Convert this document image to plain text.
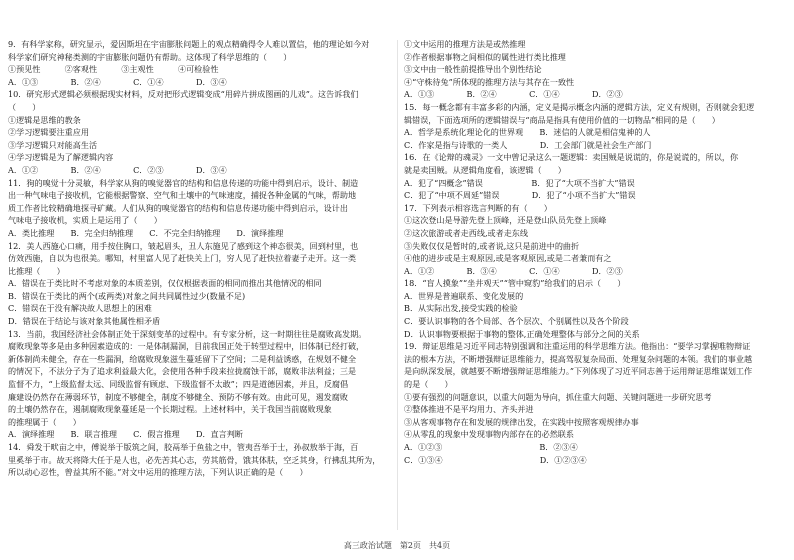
9．有科学家称，研究显示，爱因斯坦在宇宙膨胀问题上的观点精确得令人难以置信，他的理论如今对
科学家们研究神秘类测的宇宙膨胀问题仍有帮助。这体现了科学思维的（　　）
①预见性　　　②客观性　　　③主观性　　　④可检验性
A．①③　　　　B．②④　　　　C．①④　　　　D．③④
10．研究形式逻辑必须根据现实材料，反对把形式逻辑变成“用碎片拼成图画的儿戏”。这告诉我们
（　　）
①逻辑是思维的教条
②学习逻辑要注重应用
③学习逻辑只对能高生活
④学习逻辑是为了解逻辑内容
A．①②　　　　B．②④　　　　C．②③　　　　D．③④
11．狗的嗅觉十分灵敏，科学家从狗的嗅觉器官的结构和信息传递的功能中得到启示，设计、制造
出一种气味电子接收机，它能根据警察、空气和土壤中的气味速度，捕捉各种金属的气味，帮助地
质工作者比较精确地探寻矿藏。人们从狗的嗅觉器官的结构和信息传递功能中得到启示，设计出
气味电子接收机，实质上是运用了（　　）
A．类比推理　　B．完全归纳推理　　C．不完全归纳推理　　D．演绎推理
12．美人西施心口痛，用手按住胸口，皱起眉头，丑人东施见了感到这个神态很美，回到村里，也
仿效西施，自以为也很美。哪知，村里富人见了赶快关上门，穷人见了赶快拉着妻子走开。这一类
比推理（　　）
A．错误在于类比时不考虑对象的本质差别，仅仅根据表面的相同而推出其他情况的相同
B．错误在于类比的两个(或两类)对象之间共同属性过少(数量不足)
C．错误在于没有解决故人思想上的困难
D．错误在于结论与该对象其他属性相矛盾
13．当前，我国经济社会体制正处于深刻变革的过程中。有专家分析，这一时期往往是腐败高发期。
腐败现象等多是由多种因素造成的：一是体制漏洞，目前我国正处于转型过程中，旧体制已经打破，
新体制尚未健全，存在一些漏洞，给腐败现象滋生蔓延留下了空间；二是利益诱惑，在规划不健全
的情况下，不法分子为了追求利益最大化，会使用各种手段来拉拢腐蚀干部，腐败非法利益；三是
监督不力，“上级监督太远、同级监督有顾虑、下级监督不太敢”；四是道德因素，并且，反腐倡
廉建设仍然存在薄弱环节，制度不够健全，制度不够健全、预防不够有效。由此可见，遏发腐败
的土壤仍然存在，遏制腐败现象蔓延是一个长期过程。上述材料中，关于我国当前腐败现象
的推理属于（　　）
A．演绎推理　　B．联言推理　　C．假言推理　　D．直言判断
14．舜发于畎亩之中，傅说举于版筑之间，胶鬲举于鱼盐之中，管夷吾举于士，孙叔敖举于海，百
里奚举于市。故天将降大任于是人也，必先苦其心志，劳其筋骨，饿其体肤，空乏其身，行拂乱其所为，
所以动心忍性，曾益其所不能。”对文中运用的推理方法，下列认识正确的是（　　）
①文中运用的推理方法是或然推理
②作者根据事物之间相似的属性进行类比推理
③文中由一般性前提推导出个别性结论
④“守株待兔”所体现的推理方法与其存在一致性
A．①③　　　　B．②④　　　　C．①④　　　　D．②③
15．每一概念都有丰富多彩的内涵，定义是揭示概念内涵的逻辑方法，定义有规则，否则就会犯逻
辑错误，下面选项所的逻辑错误与“商品是指具有使用价值的一切物品”相同的是（　　）
A．哲学是系统化理论化的世界观　　B．迷信的人就是相信鬼神的人
C．作家是指与诗歌的一类人　　　　D．工会部门就是社会生产部门
16．在《论辩的魂灵》一文中曾记录这么一题逻辑：卖国贼是说谎的，你是说谎的，所以，你
就是卖国贼。从逻辑角度看，该逻辑（　　）
A．犯了“四概念”错误　　　　　　B．犯了“大项不当扩大”错误
C．犯了“中项不周延”错误　　　　D．犯了“小项不当扩大”错误
17．下列表示相容选言判断的有（　　）
①这次登山是导游先登上顶峰，还是登山队员先登上顶峰
②这次旅游或者走西线,或者走东线
③失败仅仅是暂时的,或者说,这只是前进中的曲折
④他的进步或是主观原因,或是客观原因,或是二者兼而有之
A．①②　　　　B．③④　　　　C．①④　　　　D．②③
18．“盲人摸象”“坐井观天”“管中窥豹”给我们的启示（　　）
A．世界是普遍联系、变化发展的
B．从实际出发,接受实践的检验
C．要认识事物的各个局部、各个层次、个别属性以及各个阶段
D．认识事物要根据于事物的整体,正确处理整体与部分之间的关系
19．辩证思维是习近平同志特别强调和注重运用的科学思维方法。他指出：“要学习掌握唯物辩证
法的根本方法，不断增强辩证思维能力，提高驾驭复杂局面、处理复杂问题的本领。我们的事业越
是向纵深发展，就越要不断增强辩证思维能力。”下列体现了习近平同志善于运用辩证思维谋划工作
的是（　　）
①要有强烈的问题意识，以重大问题为导向，抓住重大问题、关键问题进一步研究思考
②整体推进不是平均用力、齐头并进
③从客观事物存在和发展的规律出发，在实践中按照客观规律办事
④从零乱的现象中发现事物内部存在的必然联系
A．①②③　　　　　　　　　　　　B．②③④
C．①③④　　　　　　　　　　　　D．①②③④
高三政治试题　第2页　共4页
